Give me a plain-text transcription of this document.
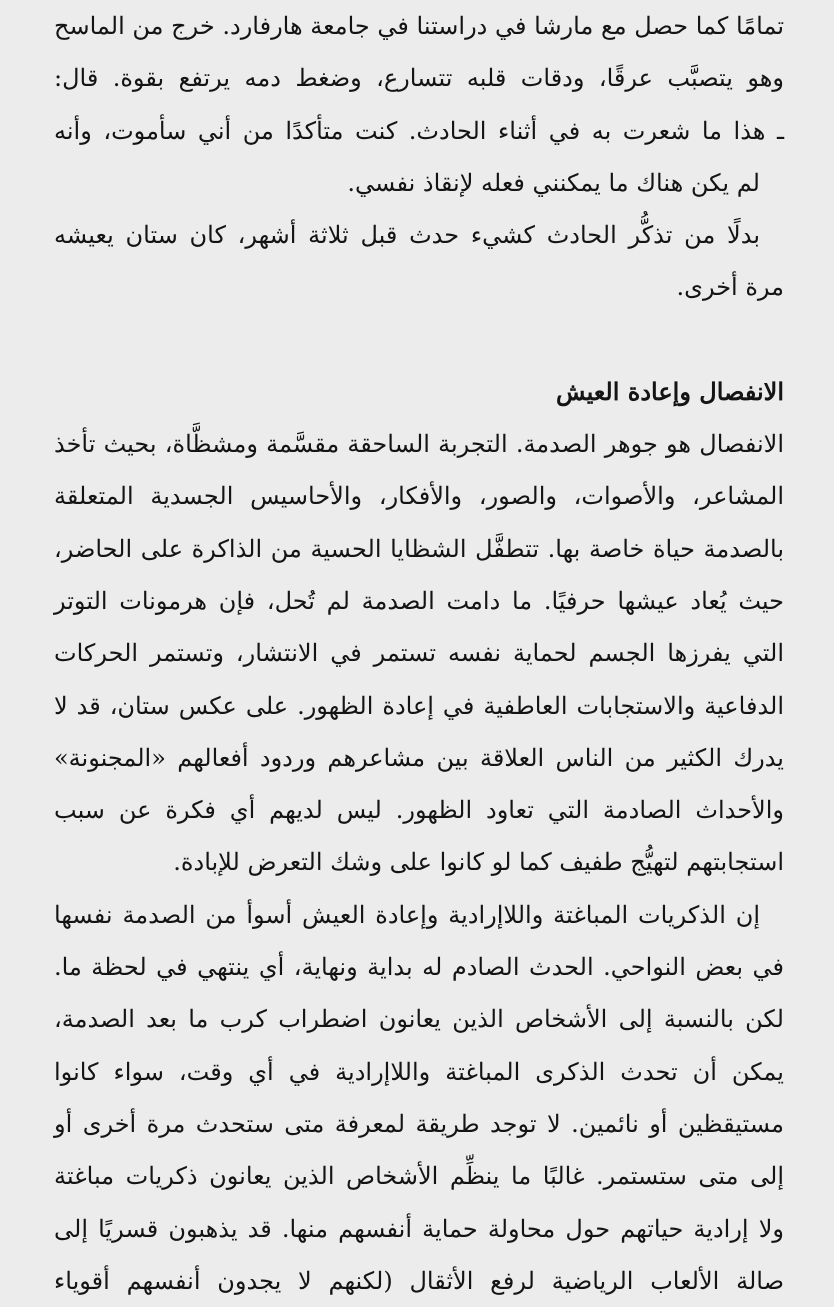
تمامًا كما حصل مع مارشا في دراستنا في جامعة هارفارد. خرج من الماسح
وهو يتصبَّب عرقًا، ودقات قلبه تتسارع، وضغط دمه يرتفع بقوة. قال:
ـ هذا ما شعرت به في أثناء الحادث. كنت متأكدًا من أني سأموت، وأنه
لم يكن هناك ما يمكنني فعله لإنقاذ نفسي.
بدلًا من تذكُّر الحادث كشيء حدث قبل ثلاثة أشهر، كان ستان يعيشه
مرة أخرى.
الانفصال وإعادة العيش
الانفصال هو جوهر الصدمة. التجربة الساحقة مقسَّمة ومشظَّاة، بحيث تأخذ
المشاعر، والأصوات، والصور، والأفكار، والأحاسيس الجسدية المتعلقة
بالصدمة حياة خاصة بها. تتطفَّل الشظايا الحسية من الذاكرة على الحاضر،
حيث يُعاد عيشها حرفيًا. ما دامت الصدمة لم تُحل، فإن هرمونات التوتر
التي يفرزها الجسم لحماية نفسه تستمر في الانتشار، وتستمر الحركات
الدفاعية والاستجابات العاطفية في إعادة الظهور. على عكس ستان، قد لا
يدرك الكثير من الناس العلاقة بين مشاعرهم وردود أفعالهم «المجنونة»
والأحداث الصادمة التي تعاود الظهور. ليس لديهم أي فكرة عن سبب
استجابتهم لتهيُّج طفيف كما لو كانوا على وشك التعرض للإبادة.
إن الذكريات المباغتة واللاإرادية وإعادة العيش أسوأ من الصدمة نفسها
في بعض النواحي. الحدث الصادم له بداية ونهاية، أي ينتهي في لحظة ما.
لكن بالنسبة إلى الأشخاص الذين يعانون اضطراب كرب ما بعد الصدمة،
يمكن أن تحدث الذكرى المباغتة واللاإرادية في أي وقت، سواء كانوا
مستيقظين أو نائمين. لا توجد طريقة لمعرفة متى ستحدث مرة أخرى أو
إلى متى ستستمر. غالبًا ما ينظِّم الأشخاص الذين يعانون ذكريات مباغتة
ولا إرادية حياتهم حول محاولة حماية أنفسهم منها. قد يذهبون قسريًا إلى
صالة الألعاب الرياضية لرفع الأثقال (لكنهم لا يجدون أنفسهم أقوياء
